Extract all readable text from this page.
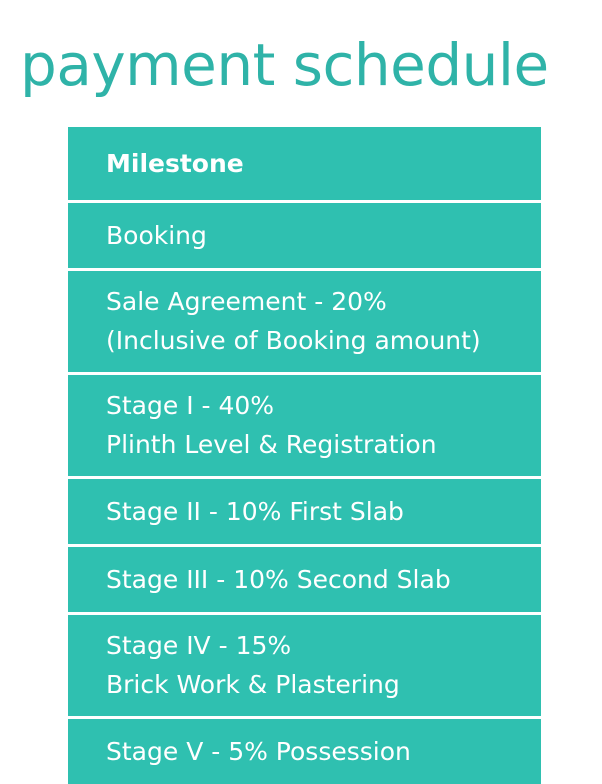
payment schedule
Milestone
Booking
Sale Agreement - 20%
(Inclusive of Booking amount)
Stage I - 40%
Plinth Level & Registration
Stage II - 10% First Slab
Stage III - 10% Second Slab
Stage IV - 15%
Brick Work & Plastering
Stage V - 5% Possession
